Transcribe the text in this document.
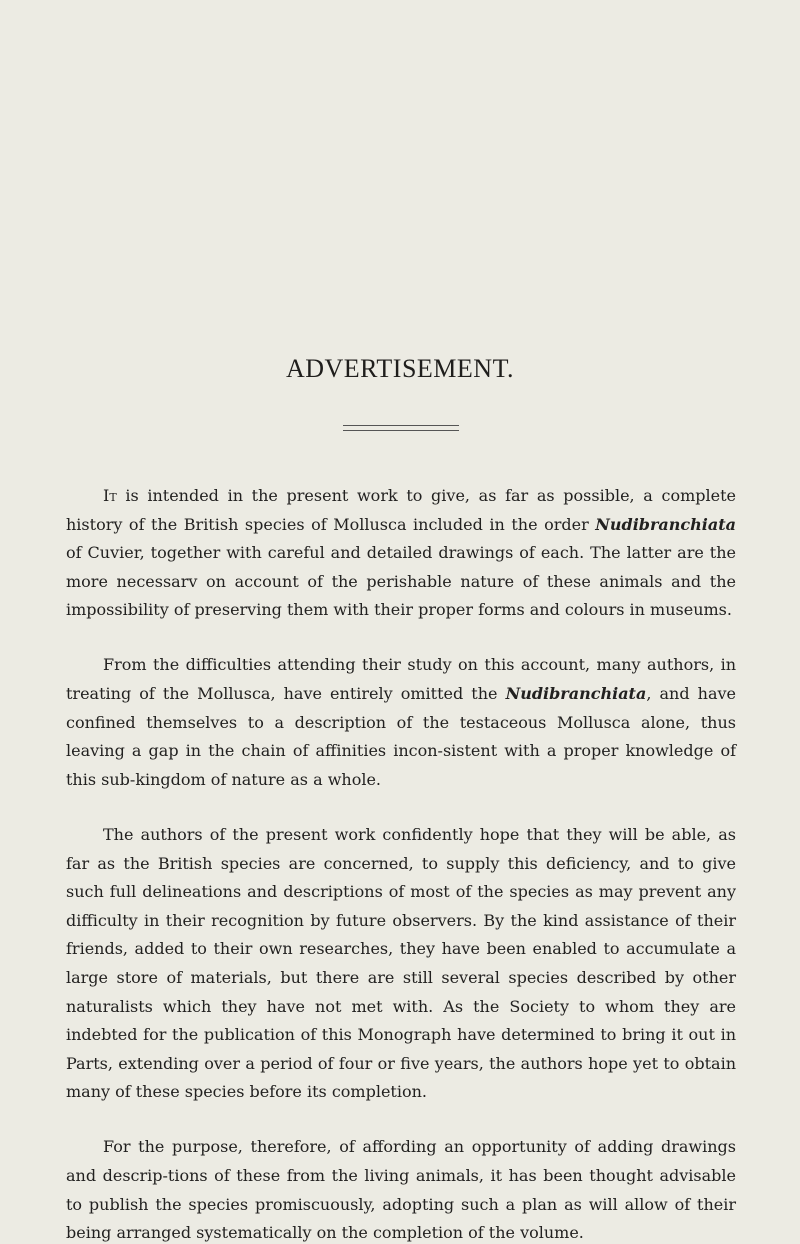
ADVERTISEMENT.

It is intended in the present work to give, as far as possible, a complete history of the British species of Mollusca included in the order Nudibranchiata of Cuvier, together with careful and detailed drawings of each. The latter are the more necessarv on account of the perishable nature of these animals and the impossibility of preserving them with their proper forms and colours in museums.

From the difficulties attending their study on this account, many authors, in treating of the Mollusca, have entirely omitted the Nudibranchiata, and have confined themselves to a description of the testaceous Mollusca alone, thus leaving a gap in the chain of affinities incon-sistent with a proper knowledge of this sub-kingdom of nature as a whole.

The authors of the present work confidently hope that they will be able, as far as the British species are concerned, to supply this deficiency, and to give such full delineations and descriptions of most of the species as may prevent any difficulty in their recognition by future observers. By the kind assistance of their friends, added to their own researches, they have been enabled to accumulate a large store of materials, but there are still several species described by other naturalists which they have not met with. As the Society to whom they are indebted for the publication of this Monograph have determined to bring it out in Parts, extending over a period of four or five years, the authors hope yet to obtain many of these species before its completion.

For the purpose, therefore, of affording an opportunity of adding drawings and descrip-tions of these from the living animals, it has been thought advisable to publish the species promiscuously, adopting such a plan as will allow of their being arranged systematically on the completion of the volume.
